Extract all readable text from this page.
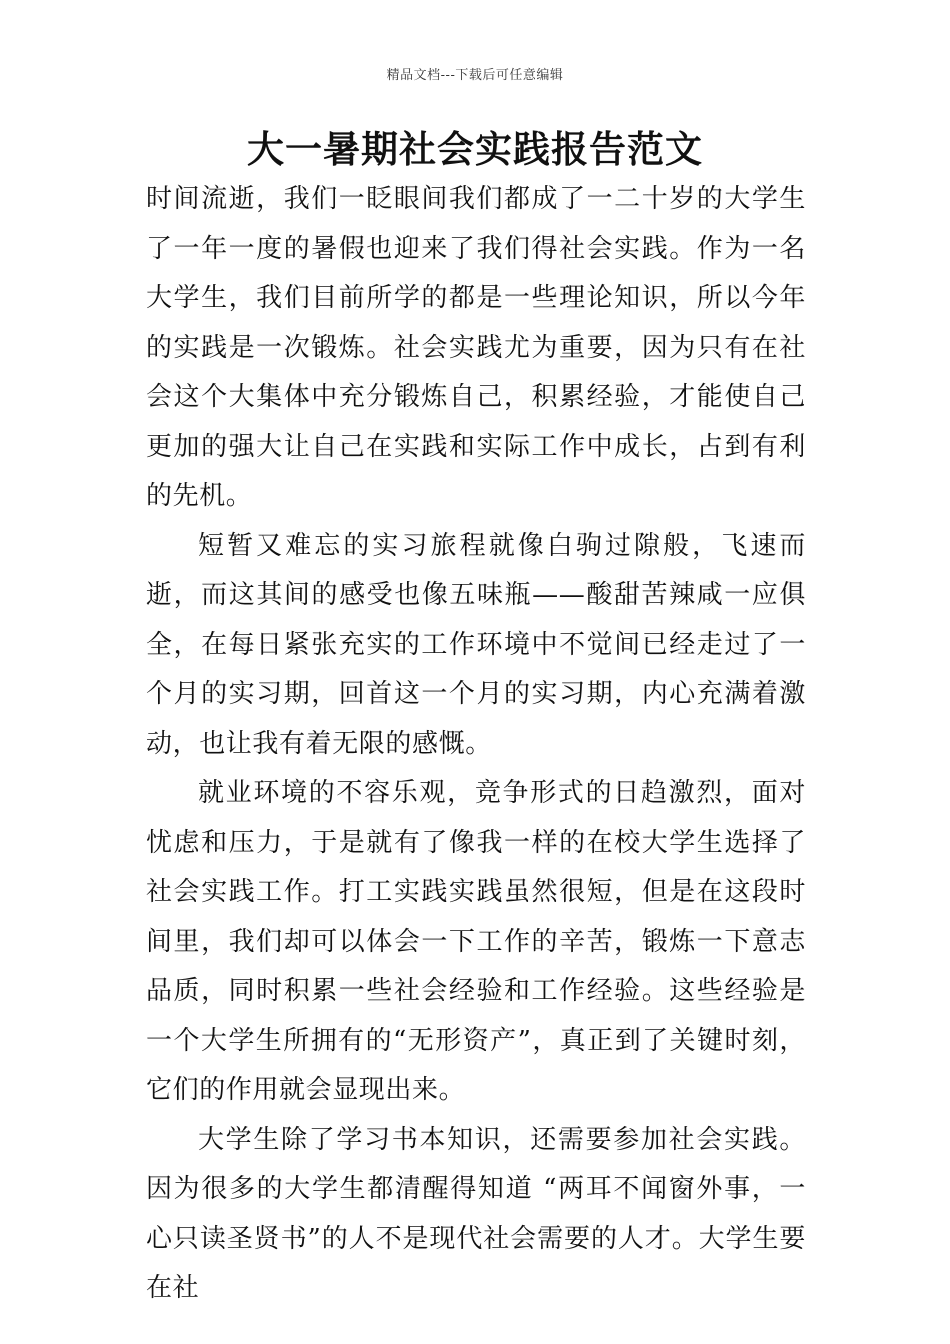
精品文档---下载后可任意编辑
大一暑期社会实践报告范文

时间流逝，我们一眨眼间我们都成了一二十岁的大学生了一年一度的暑假也迎来了我们得社会实践。作为一名大学生，我们目前所学的都是一些理论知识，所以今年的实践是一次锻炼。社会实践尤为重要，因为只有在社会这个大集体中充分锻炼自己，积累经验，才能使自己更加的强大让自己在实践和实际工作中成长，占到有利的先机。

短暂又难忘的实习旅程就像白驹过隙般，飞速而逝，而这其间的感受也像五味瓶——酸甜苦辣咸一应俱全，在每日紧张充实的工作环境中不觉间已经走过了一个月的实习期，回首这一个月的实习期，内心充满着激动，也让我有着无限的感慨。

就业环境的不容乐观，竞争形式的日趋激烈，面对忧虑和压力，于是就有了像我一样的在校大学生选择了社会实践工作。打工实践实践虽然很短，但是在这段时间里，我们却可以体会一下工作的辛苦，锻炼一下意志品质，同时积累一些社会经验和工作经验。这些经验是一个大学生所拥有的“无形资产”，真正到了关键时刻，它们的作用就会显现出来。

大学生除了学习书本知识，还需要参加社会实践。因为很多的大学生都清醒得知道 “两耳不闻窗外事，一心只读圣贤书”的人不是现代社会需要的人才。大学生要在社
